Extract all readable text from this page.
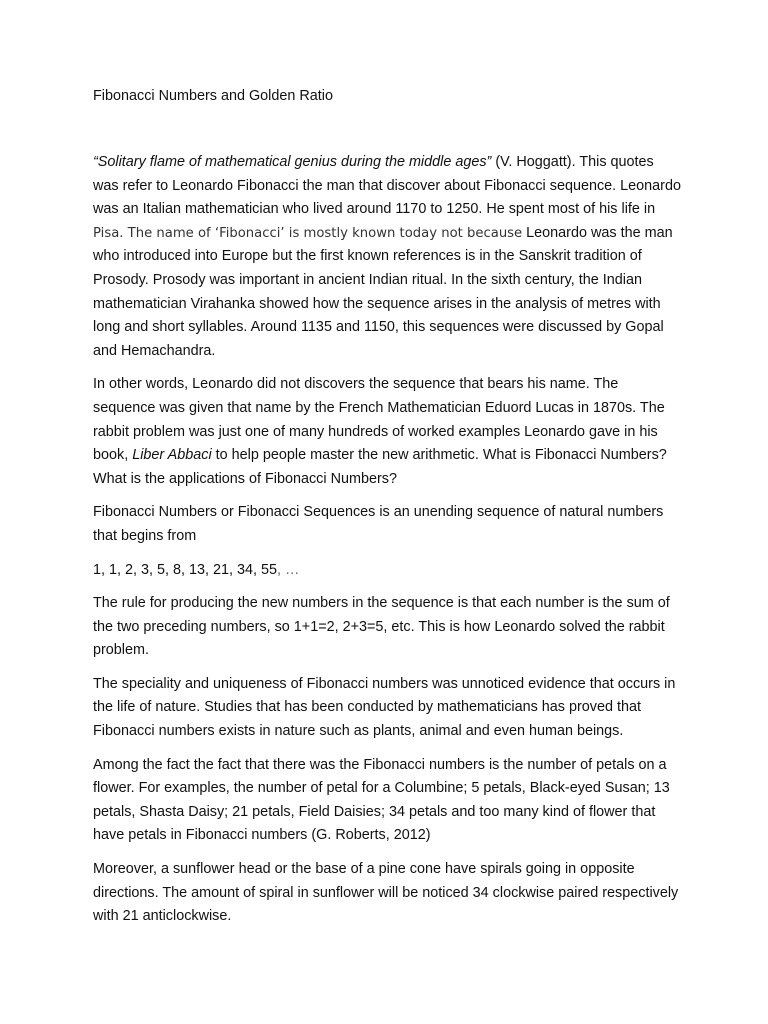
Fibonacci Numbers and Golden Ratio

“Solitary flame of mathematical genius during the middle ages” (V. Hoggatt). This quotes was refer to Leonardo Fibonacci the man that discover about Fibonacci sequence. Leonardo was an Italian mathematician who lived around 1170 to 1250. He spent most of his life in Pisa. The name of ‘Fibonacci’ is mostly known today not because Leonardo was the man who introduced into Europe but the first known references is in the Sanskrit tradition of Prosody. Prosody was important in ancient Indian ritual. In the sixth century, the Indian mathematician Virahanka showed how the sequence arises in the analysis of metres with long and short syllables. Around 1135 and 1150, this sequences were discussed by Gopal and Hemachandra.

In other words, Leonardo did not discovers the sequence that bears his name. The sequence was given that name by the French Mathematician Eduord Lucas in 1870s. The rabbit problem was just one of many hundreds of worked examples Leonardo gave in his book, Liber Abbaci to help people master the new arithmetic. What is Fibonacci Numbers? What is the applications of Fibonacci Numbers?

Fibonacci Numbers or Fibonacci Sequences is an unending sequence of natural numbers that begins from

1, 1, 2, 3, 5, 8, 13, 21, 34, 55, …

The rule for producing the new numbers in the sequence is that each number is the sum of the two preceding numbers, so 1+1=2, 2+3=5, etc. This is how Leonardo solved the rabbit problem.

The speciality and uniqueness of Fibonacci numbers was unnoticed evidence that occurs in the life of nature. Studies that has been conducted by mathematicians has proved that Fibonacci numbers exists in nature such as plants, animal and even human beings.

Among the fact the fact that there was the Fibonacci numbers is the number of petals on a flower. For examples, the number of petal for a Columbine; 5 petals, Black-eyed Susan; 13 petals, Shasta Daisy; 21 petals, Field Daisies; 34 petals and too many kind of flower that have petals in Fibonacci numbers (G. Roberts, 2012)

Moreover, a sunflower head or the base of a pine cone have spirals going in opposite directions. The amount of spiral in sunflower will be noticed 34 clockwise paired respectively with 21 anticlockwise.
